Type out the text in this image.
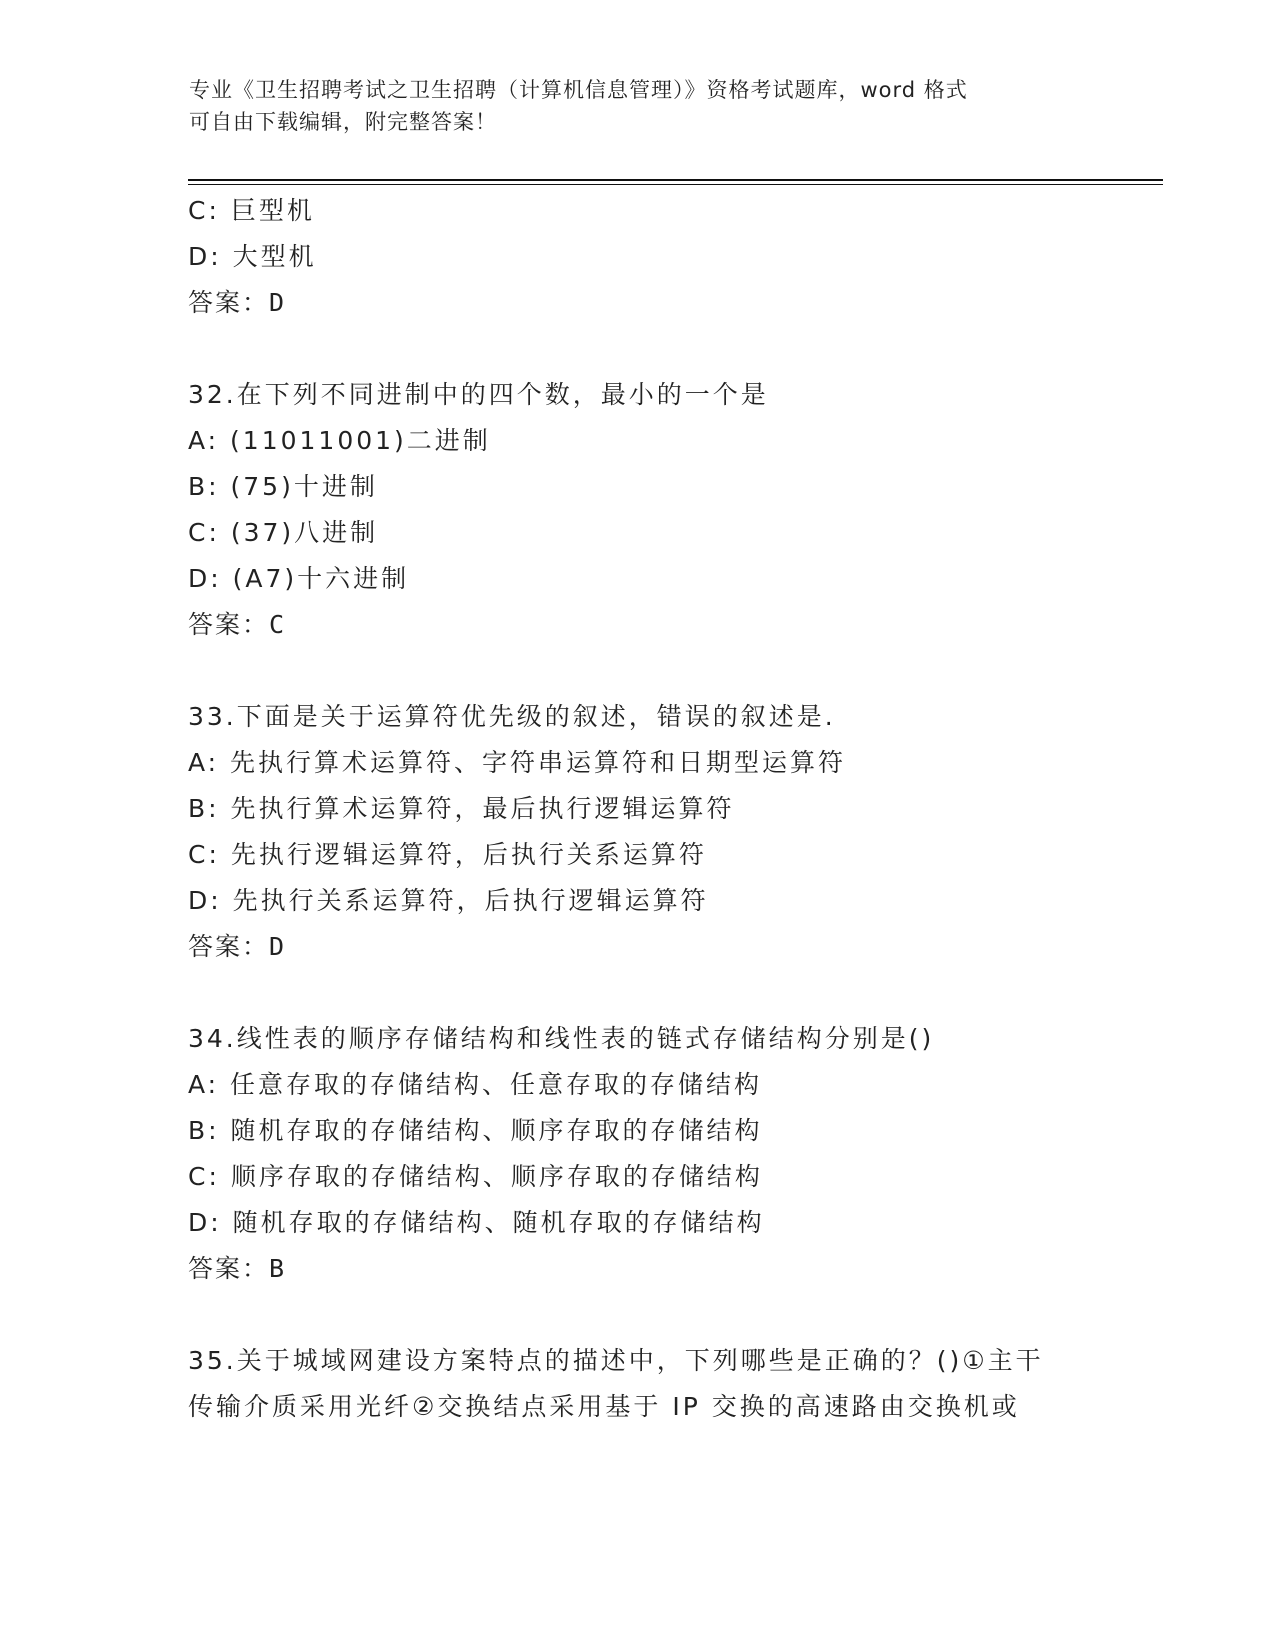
专业《卫生招聘考试之卫生招聘（计算机信息管理）》资格考试题库，word 格式
可自由下载编辑，附完整答案！
C: 巨型机
D: 大型机
答案：D
32.在下列不同进制中的四个数，最小的一个是
A: (11011001)二进制
B: (75)十进制
C: (37)八进制
D: (A7)十六进制
答案：C
33.下面是关于运算符优先级的叙述，错误的叙述是.
A: 先执行算术运算符、字符串运算符和日期型运算符
B: 先执行算术运算符，最后执行逻辑运算符
C: 先执行逻辑运算符，后执行关系运算符
D: 先执行关系运算符，后执行逻辑运算符
答案：D
34.线性表的顺序存储结构和线性表的链式存储结构分别是()
A: 任意存取的存储结构、任意存取的存储结构
B: 随机存取的存储结构、顺序存取的存储结构
C: 顺序存取的存储结构、顺序存取的存储结构
D: 随机存取的存储结构、随机存取的存储结构
答案：B
35.关于城域网建设方案特点的描述中，下列哪些是正确的？()①主干
传输介质采用光纤②交换结点采用基于 IP 交换的高速路由交换机或
